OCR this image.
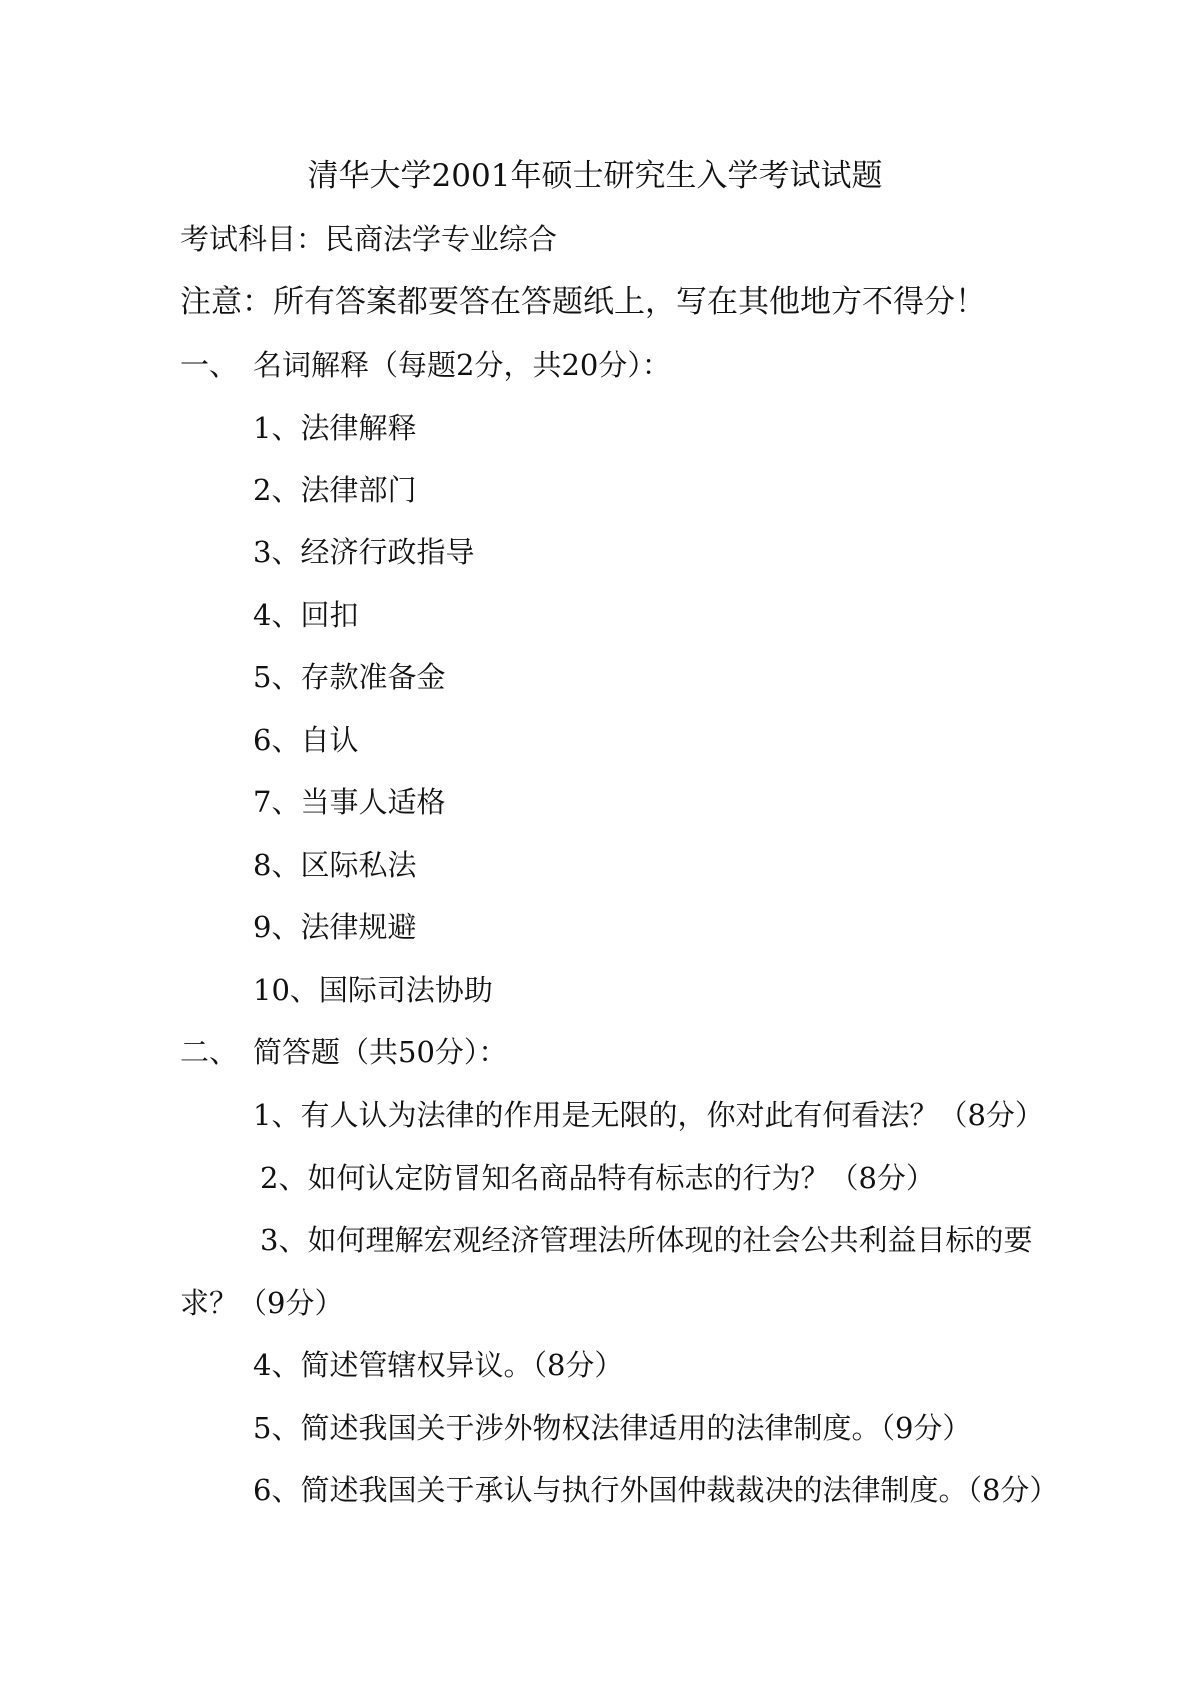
清华大学2001年硕士研究生入学考试试题
考试科目：民商法学专业综合
注意：所有答案都要答在答题纸上，写在其他地方不得分！
一、 名词解释（每题2分，共20分）：
1、法律解释
2、法律部门
3、经济行政指导
4、回扣
5、存款准备金
6、自认
7、当事人适格
8、区际私法
9、法律规避
10、国际司法协助
二、 简答题（共50分）：
1、有人认为法律的作用是无限的，你对此有何看法？（8分）
2、如何认定防冒知名商品特有标志的行为？（8分）
3、如何理解宏观经济管理法所体现的社会公共利益目标的要
求？（9分）
4、简述管辖权异议。（8分）
5、简述我国关于涉外物权法律适用的法律制度。（9分）
6、简述我国关于承认与执行外国仲裁裁决的法律制度。（8分）
